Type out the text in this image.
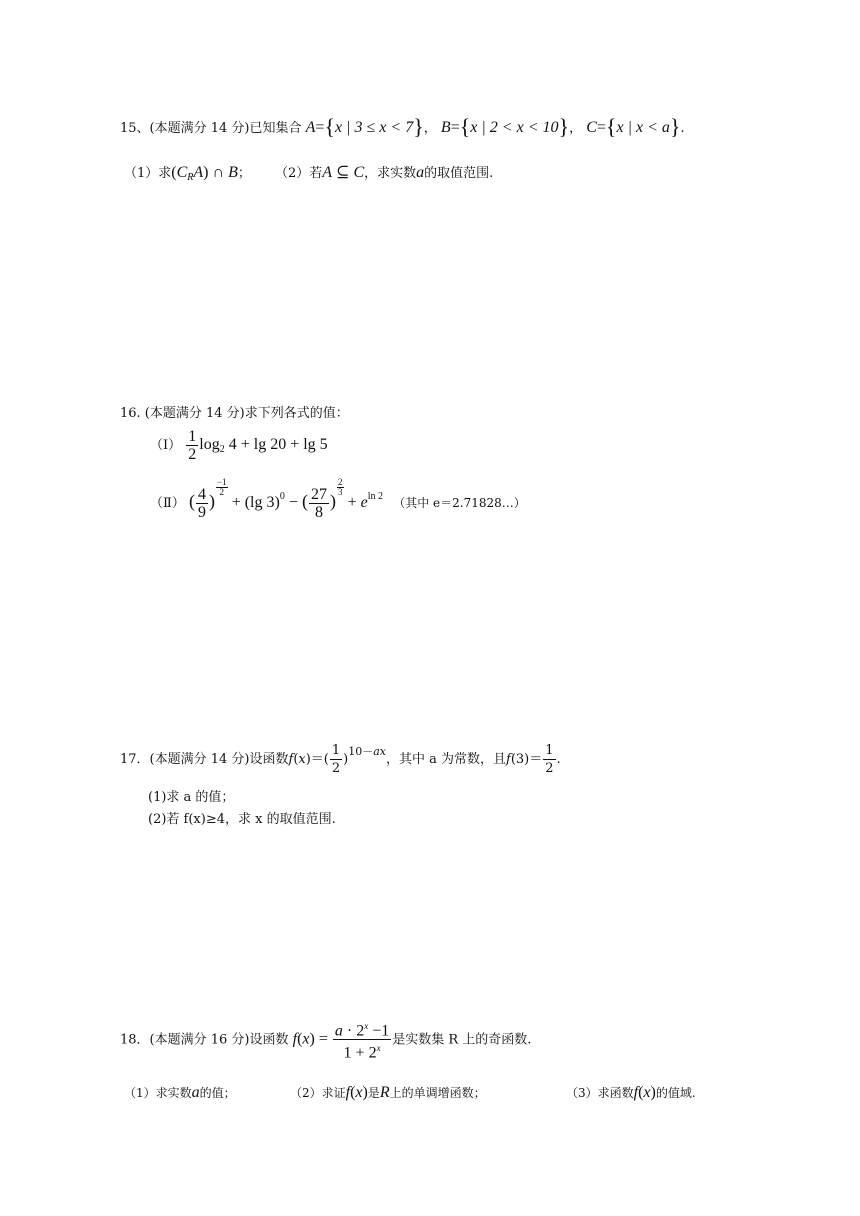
15、(本题满分 14 分)已知集合 A={x | 3 ≤ x < 7}， B={x | 2 < x < 10}， C={x | x < a}.
（1）求$(C_RA)$ ∩ B； （2）若A ⊆ C，求实数a的取值范围.
16. (本题满分 14 分)求下列各式的值：
（Ⅰ） $\frac{1}{2} \log_2 4 + \lg 20 + \lg 5$
（Ⅱ） ( $\frac{4}{9}$ )
$\frac{-1}{2}$
+ (lg 3)$^0$ − ( $\frac{27}{8}$ )
$\frac{2}{3}$
+ $e^{ln 2}$ （其中 e＝2.71828…）
17．(本题满分 14 分)设函数$f(x)=( \frac{1}{2} )^{10-ax}$，其中 a 为常数，且$f(3)= \frac{1}{2}$ .
(1)求 a 的值；
(2)若 f(x)≥4，求 x 的取值范围.
18．(本题满分 16 分)设函数 $f(x) = \frac{a \cdot 2^x -1}{1 + 2^x}$ 是实数集 R 上的奇函数.
（1）求实数a的值；	（2）求证f(x)是R上的单调增函数；	（3）求函数f(x)的值域.
